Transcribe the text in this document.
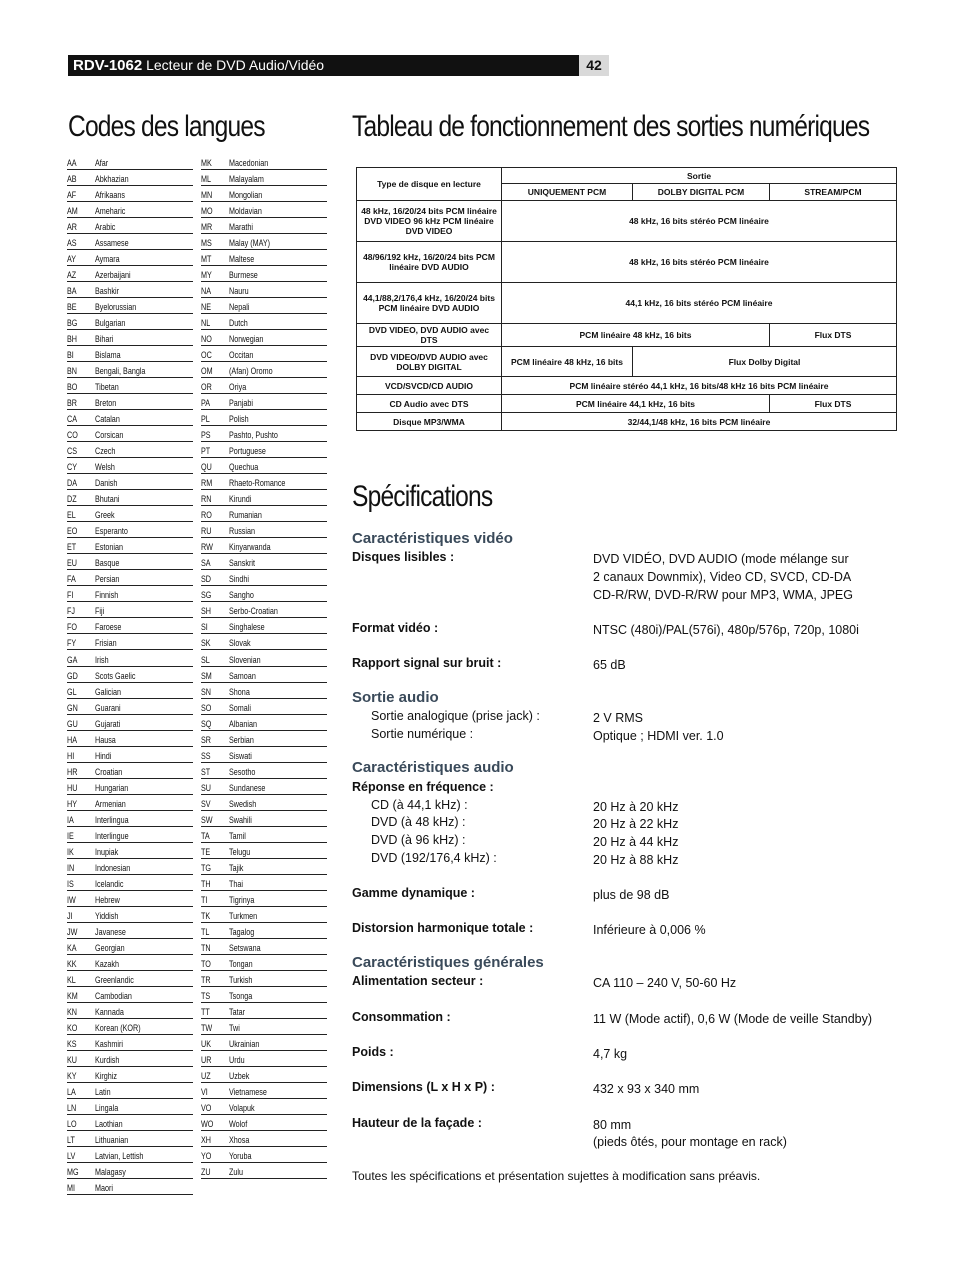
RDV-1062 Lecteur de DVD Audio/Vidéo	42
Codes des langues	Tableau de fonctionnement des sorties numériques
AA Afar
AB Abkhazian
AF Afrikaans
AM Ameharic
AR Arabic
AS Assamese
AY Aymara
AZ Azerbaijani
BA Bashkir
BE Byelorussian
BG Bulgarian
BH Bihari
BI Bislama
BN Bengali, Bangla
BO Tibetan
BR Breton
CA Catalan
CO Corsican
CS Czech
CY Welsh
DA Danish
DZ Bhutani
EL Greek
EO Esperanto
ET Estonian
EU Basque
FA Persian
FI Finnish
FJ Fiji
FO Faroese
FY Frisian
GA Irish
GD Scots Gaelic
GL Galician
GN Guarani
GU Gujarati
HA Hausa
HI Hindi
HR Croatian
HU Hungarian
HY Armenian
IA Interlingua
IE Interlingue
IK Inupiak
IN Indonesian
IS Icelandic
IW Hebrew
JI Yiddish
JW Javanese
KA Georgian
KK Kazakh
KL Greenlandic
KM Cambodian
KN Kannada
KO Korean (KOR)
KS Kashmiri
KU Kurdish
KY Kirghiz
LA Latin
LN Lingala
LO Laothian
LT Lithuanian
LV Latvian, Lettish
MG Malagasy
MI Maori
MK Macedonian
ML Malayalam
MN Mongolian
MO Moldavian
MR Marathi
MS Malay (MAY)
MT Maltese
MY Burmese
NA Nauru
NE Nepali
NL Dutch
NO Norwegian
OC Occitan
OM (Afan) Oromo
OR Oriya
PA Panjabi
PL Polish
PS Pashto, Pushto
PT Portuguese
QU Quechua
RM Rhaeto-Romance
RN Kirundi
RO Rumanian
RU Russian
RW Kinyarwanda
SA Sanskrit
SD Sindhi
SG Sangho
SH Serbo-Croatian
SI Singhalese
SK Slovak
SL Slovenian
SM Samoan
SN Shona
SO Somali
SQ Albanian
SR Serbian
SS Siswati
ST Sesotho
SU Sundanese
SV Swedish
SW Swahili
TA Tamil
TE Telugu
TG Tajik
TH Thai
TI Tigrinya
TK Turkmen
TL Tagalog
TN Setswana
TO Tongan
TR Turkish
TS Tsonga
TT Tatar
TW Twi
UK Ukrainian
UR Urdu
UZ Uzbek
VI Vietnamese
VO Volapuk
WO Wolof
XH Xhosa
YO Yoruba
ZU Zulu
Type de disque en lecture	Sortie		
	UNIQUEMENT PCM	DOLBY DIGITAL PCM	STREAM/PCM
48 kHz, 16/20/24 bits PCM linéaire DVD VIDEO 96 kHz PCM linéaire DVD VIDEO	48 kHz, 16 bits stéréo PCM linéaire		
48/96/192 kHz, 16/20/24 bits PCM linéaire DVD AUDIO	48 kHz, 16 bits stéréo PCM linéaire		
44,1/88,2/176,4 kHz, 16/20/24 bits PCM linéaire DVD AUDIO	44,1 kHz, 16 bits stéréo PCM linéaire		
DVD VIDEO, DVD AUDIO avec DTS	PCM linéaire 48 kHz, 16 bits		Flux DTS
DVD VIDEO/DVD AUDIO avec DOLBY DIGITAL	PCM linéaire 48 kHz, 16 bits	Flux Dolby Digital	
VCD/SVCD/CD AUDIO	PCM linéaire stéréo 44,1 kHz, 16 bits/48 kHz 16 bits PCM linéaire		
CD Audio avec DTS	PCM linéaire 44,1 kHz, 16 bits		Flux DTS
Disque MP3/WMA	32/44,1/48 kHz, 16 bits PCM linéaire		
Spécifications
Caractéristiques vidéo
Disques lisibles :	DVD VIDÉO, DVD AUDIO (mode mélange sur
2 canaux Downmix), Video CD, SVCD, CD-DA
CD-R/RW, DVD-R/RW pour MP3, WMA, JPEG
Format vidéo :	NTSC (480i)/PAL(576i), 480p/576p, 720p, 1080i
Rapport signal sur bruit :	65 dB
Sortie audio
Sortie analogique (prise jack) :	2 V RMS
Sortie numérique :	Optique ; HDMI ver. 1.0
Caractéristiques audio
Réponse en fréquence :
CD (à 44,1 kHz) :	20 Hz à 20 kHz
DVD (à 48 kHz) :	20 Hz à 22 kHz
DVD (à 96 kHz) :	20 Hz à 44 kHz
DVD (192/176,4 kHz) :	20 Hz à 88 kHz
Gamme dynamique :	plus de 98 dB
Distorsion harmonique totale :	Inférieure à 0,006 %
Caractéristiques générales
Alimentation secteur :	CA 110 – 240 V, 50-60 Hz
Consommation :	11 W (Mode actif), 0,6 W (Mode de veille Standby)
Poids :	4,7 kg
Dimensions (L x H x P) :	432 x 93 x 340 mm
Hauteur de la façade :	80 mm
(pieds ôtés, pour montage en rack)
Toutes les spécifications et présentation sujettes à modification sans préavis.
